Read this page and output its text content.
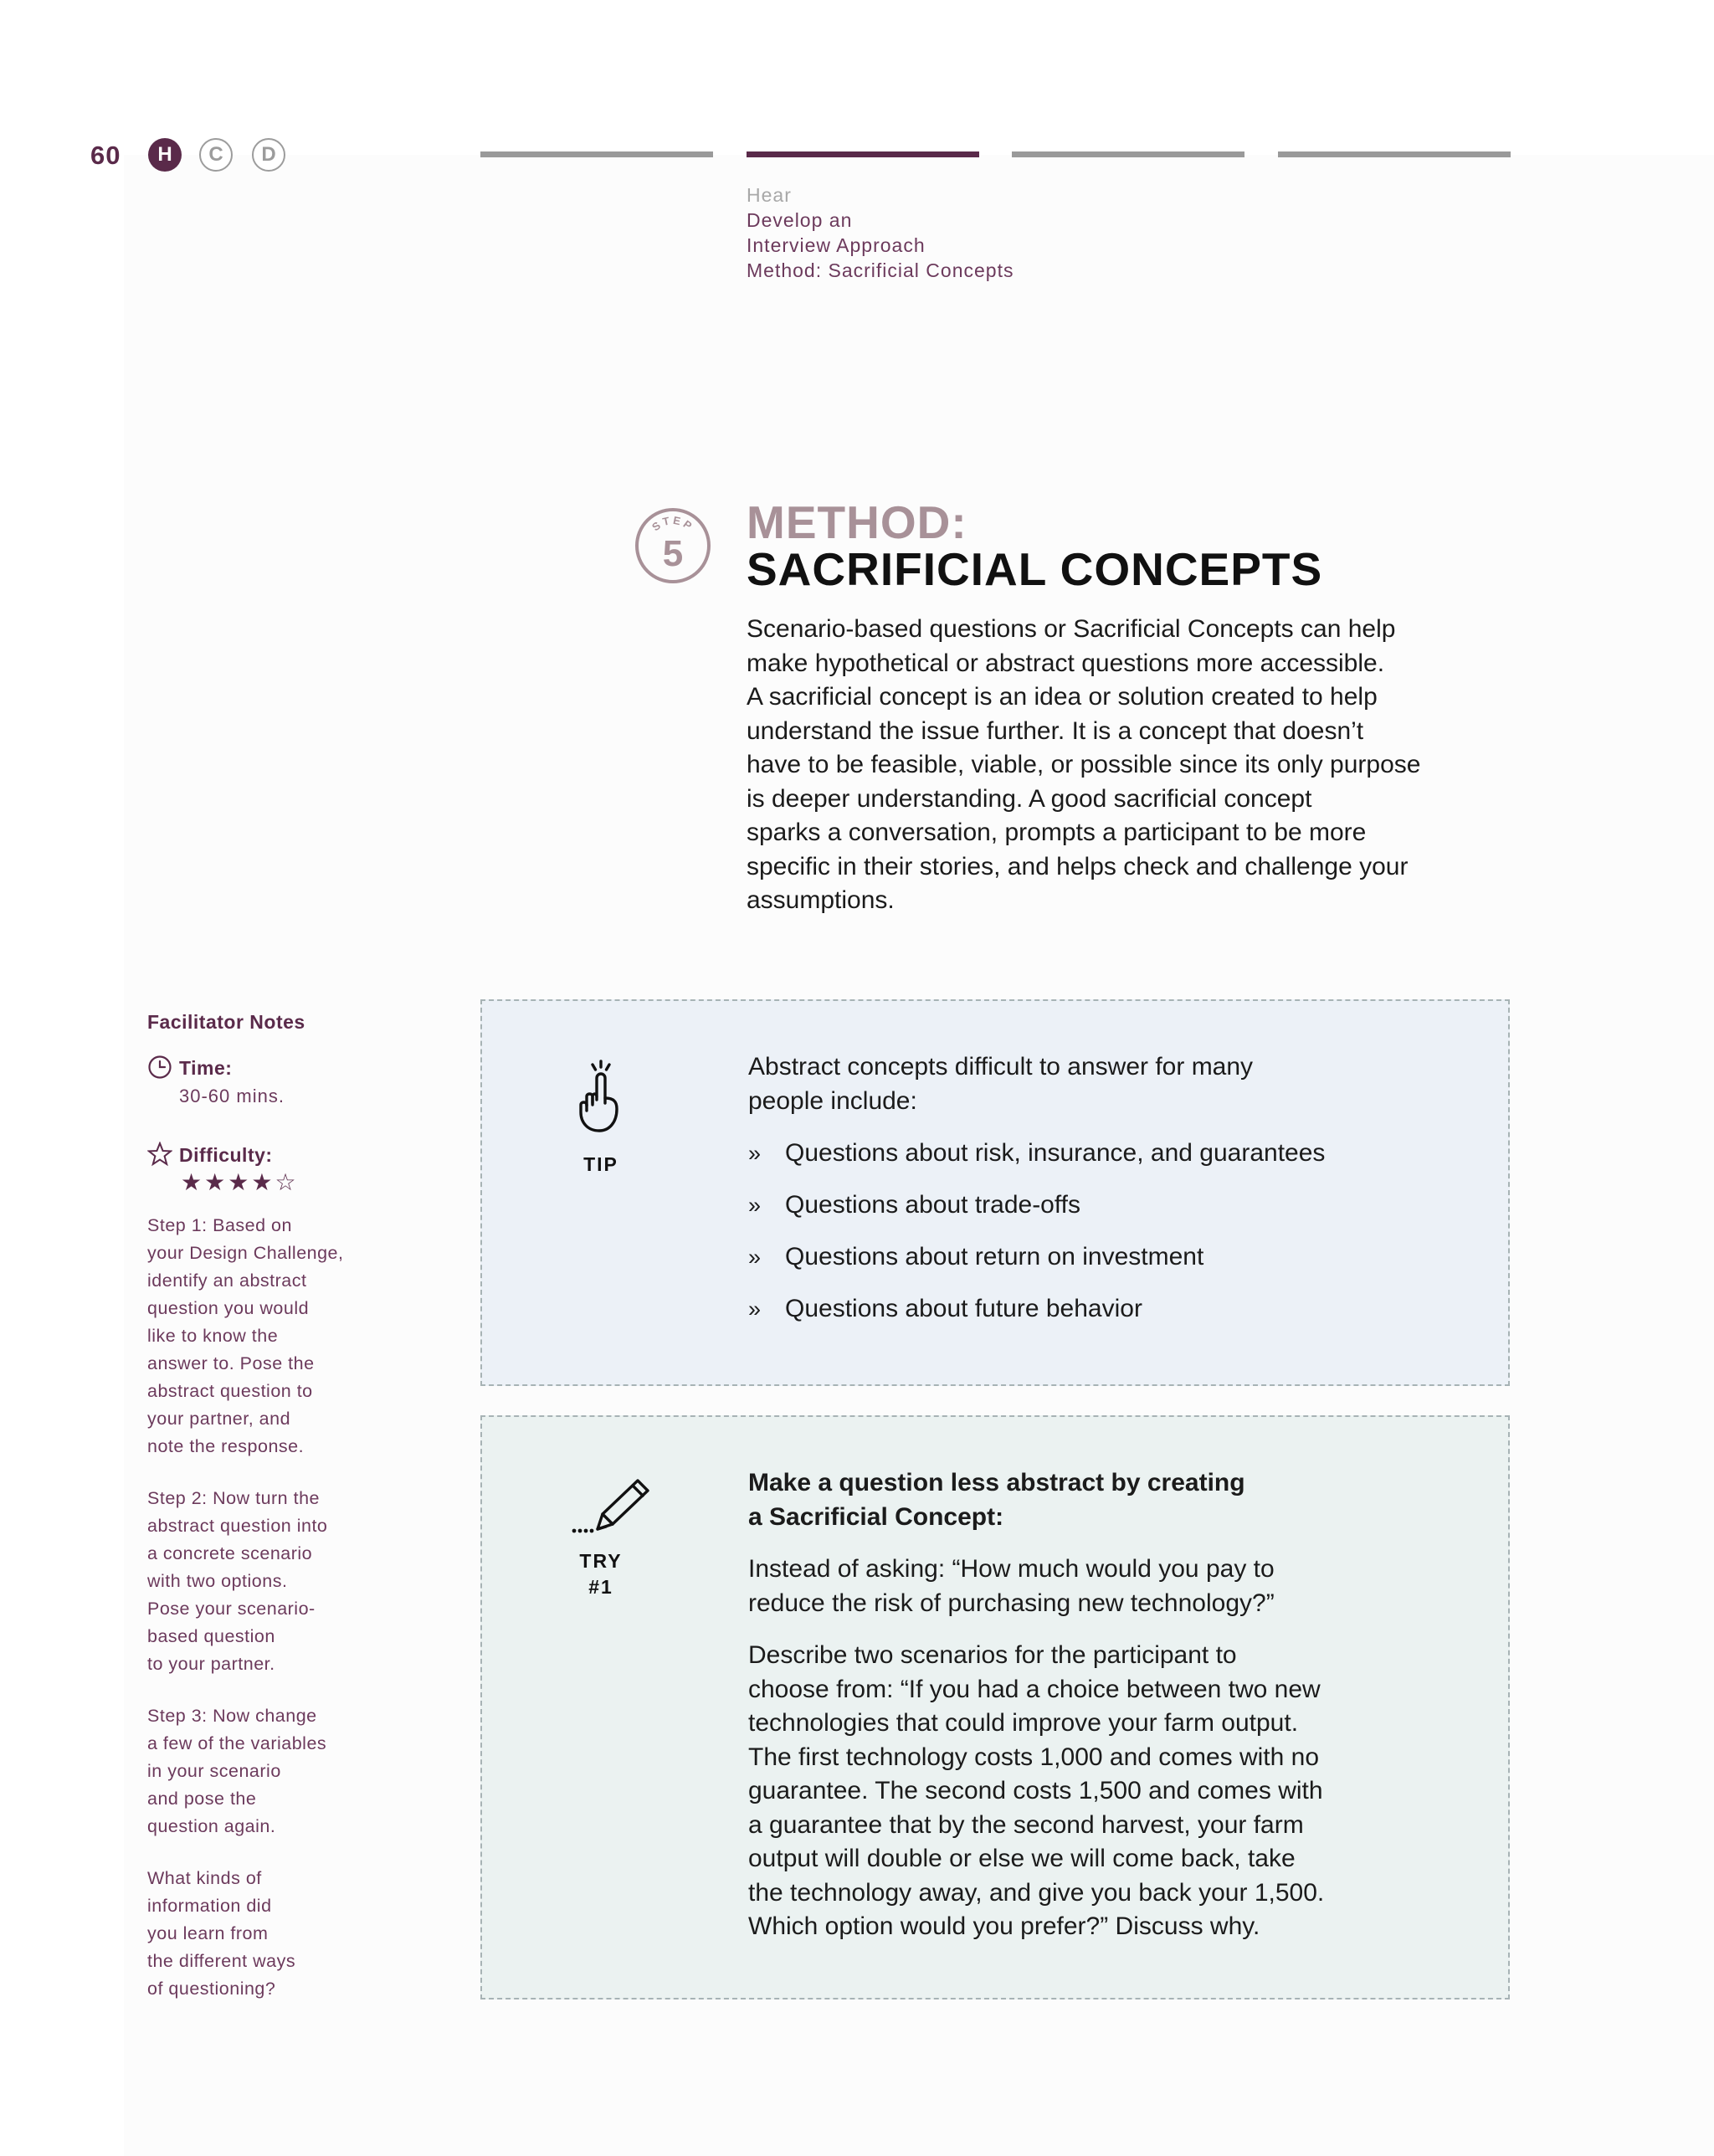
60	H	C	D
Hear
Develop an
Interview Approach
Method: Sacrificial Concepts
STEP
5
METHOD:
SACRIFICIAL CONCEPTS

Scenario-based questions or Sacrificial Concepts can help
make hypothetical or abstract questions more accessible.
A sacrificial concept is an idea or solution created to help
understand the issue further. It is a concept that doesn’t
have to be feasible, viable, or possible since its only purpose
is deeper understanding. A good sacrificial concept
sparks a conversation, prompts a participant to be more
specific in their stories, and helps check and challenge your
assumptions.

Facilitator Notes
Time:
30-60 mins.
Difficulty:
★★★★☆

Step 1: Based on
your Design Challenge,
identify an abstract
question you would
like to know the
answer to. Pose the
abstract question to
your partner, and
note the response.

Step 2: Now turn the
abstract question into
a concrete scenario
with two options.
Pose your scenario-
based question
to your partner.

Step 3: Now change
a few of the variables
in your scenario
and pose the
question again.

What kinds of
information did
you learn from
the different ways
of questioning?

TIP

Abstract concepts difficult to answer for many
people include:

» Questions about risk, insurance, and guarantees
» Questions about trade-offs
» Questions about return on investment
» Questions about future behavior
TRY
#1

Make a question less abstract by creating
a Sacrificial Concept:

Instead of asking: “How much would you pay to
reduce the risk of purchasing new technology?”

Describe two scenarios for the participant to
choose from: “If you had a choice between two new
technologies that could improve your farm output.
The first technology costs 1,000 and comes with no
guarantee. The second costs 1,500 and comes with
a guarantee that by the second harvest, your farm
output will double or else we will come back, take
the technology away, and give you back your 1,500.
Which option would you prefer?” Discuss why.
